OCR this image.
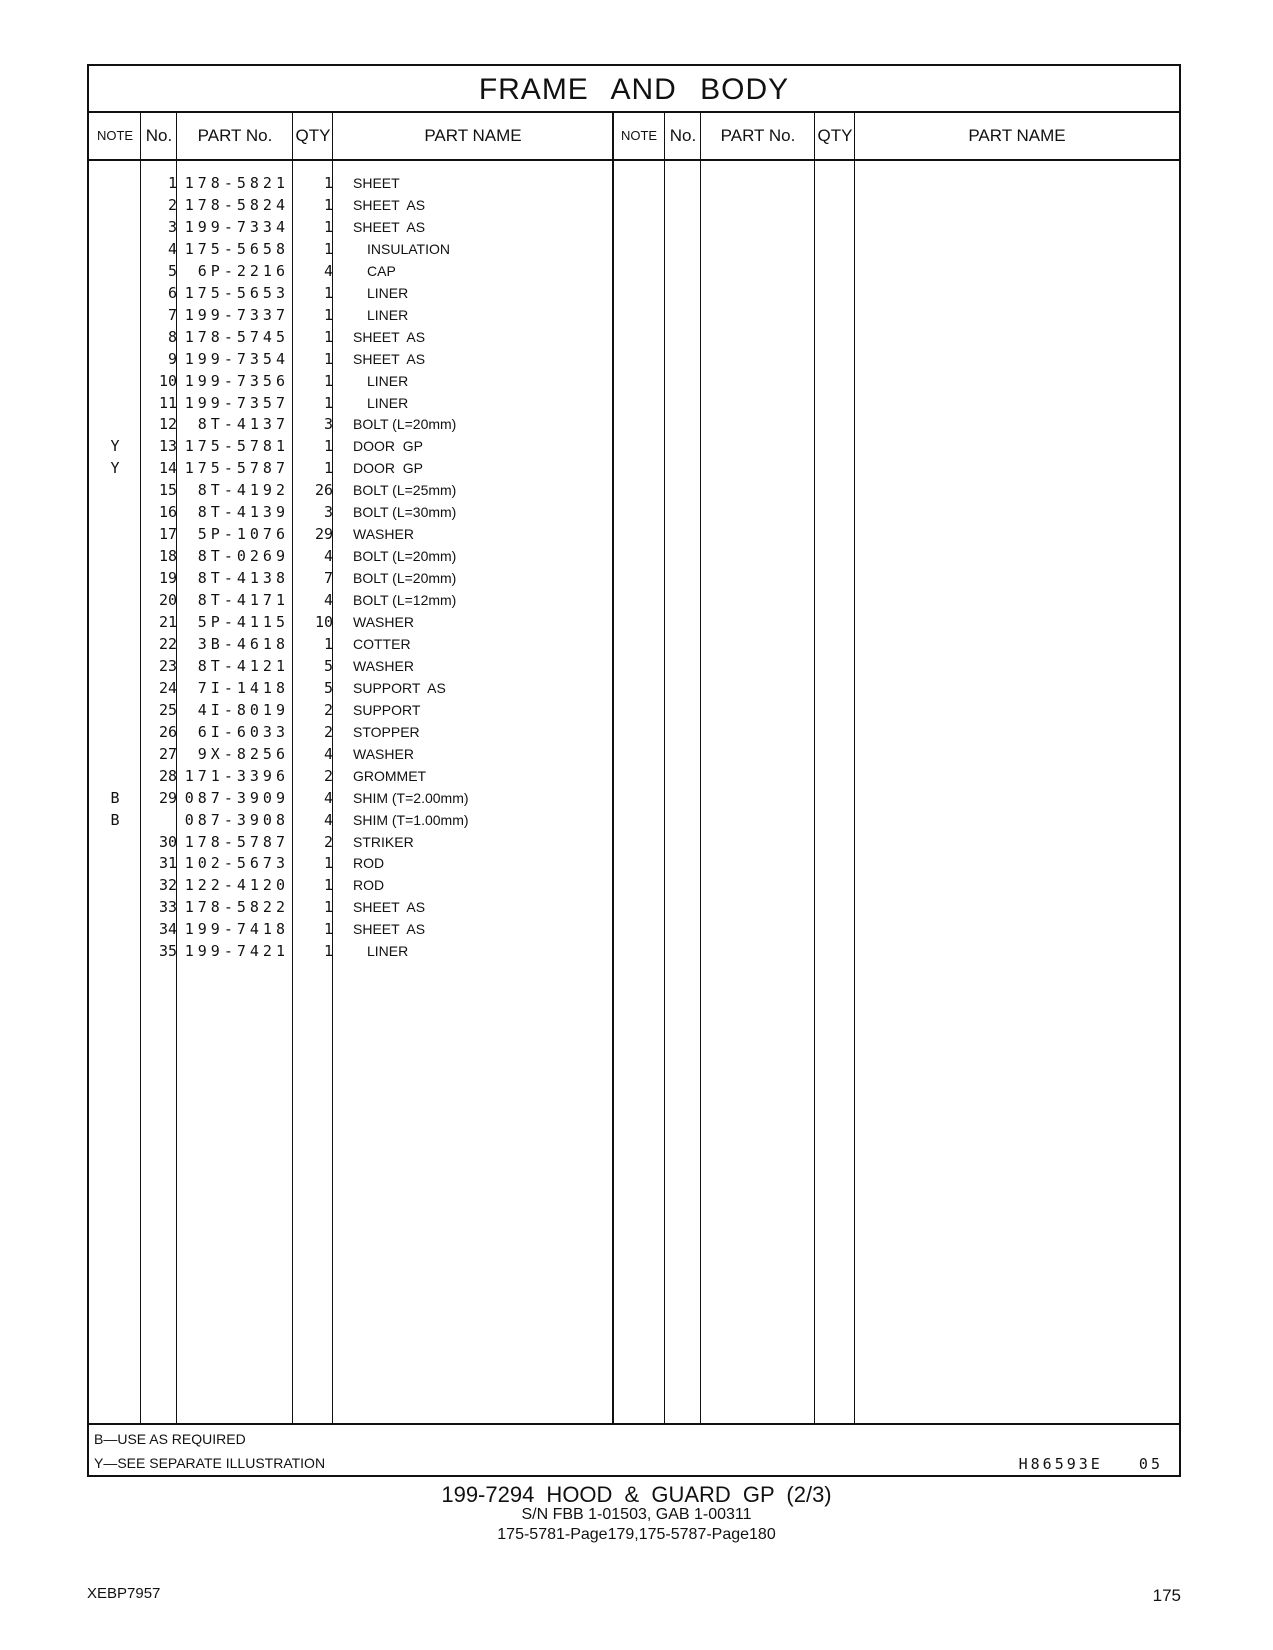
FRAME AND BODY
NOTE No.	PART No.	QTY	PART NAME	NOTE No.	PART No.	QTY	PART NAME
1 178-5821	1 SHEET
2 178-5824	1 SHEET  AS
3 199-7334	1 SHEET  AS
4 175-5658	1 INSULATION
5	6P-2216	4 CAP
6 175-5653	1 LINER
7 199-7337	1 LINER
8 178-5745	1 SHEET  AS
9 199-7354	1 SHEET  AS
10 199-7356	1 LINER
11 199-7357	1 LINER
12	8T-4137	3 BOLT (L=20mm)
Y	13 175-5781	1 DOOR  GP
Y	14 175-5787	1 DOOR  GP
15	8T-4192	26 BOLT (L=25mm)
16	8T-4139	3 BOLT (L=30mm)
17	5P-1076	29 WASHER
18	8T-0269	4 BOLT (L=20mm)
19	8T-4138	7 BOLT (L=20mm)
20	8T-4171	4 BOLT (L=12mm)
21	5P-4115	10 WASHER
22	3B-4618	1 COTTER
23	8T-4121	5 WASHER
24	7I-1418	5 SUPPORT  AS
25	4I-8019	2 SUPPORT
26	6I-6033	2 STOPPER
27	9X-8256	4 WASHER
28 171-3396	2 GROMMET
B	29 087-3909	4 SHIM (T=2.00mm)
B	087-3908	4 SHIM (T=1.00mm)
30 178-5787	2 STRIKER
31 102-5673	1 ROD
32 122-4120	1 ROD
33 178-5822	1 SHEET  AS
34 199-7418	1 SHEET  AS
35 199-7421	1 LINER
B—USE AS REQUIRED
Y—SEE SEPARATE ILLUSTRATION	H86593E   05
199-7294 HOOD & GUARD GP (2/3)
S/N FBB 1-01503, GAB 1-00311
175-5781-Page179,175-5787-Page180
XEBP7957	175
